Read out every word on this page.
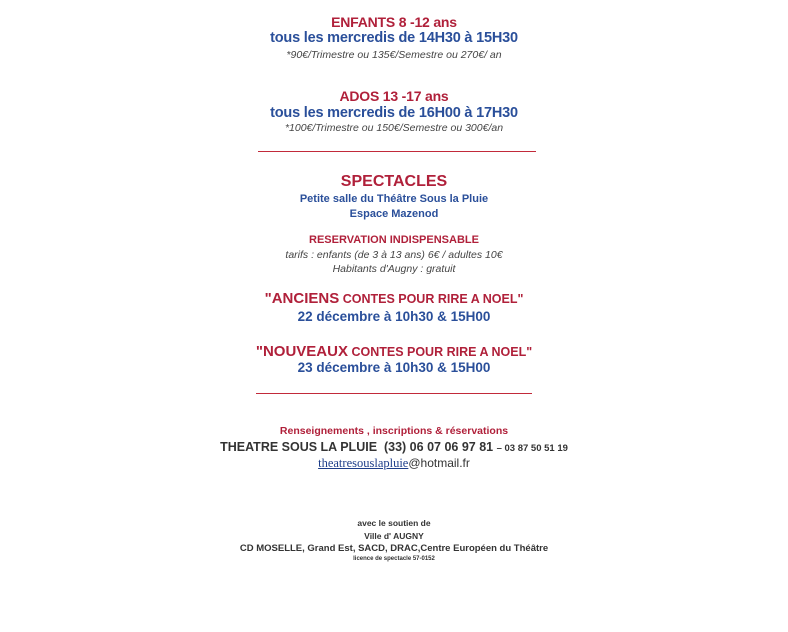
ENFANTS 8 -12 ans
tous les mercredis de 14H30 à 15H30
*90€/Trimestre ou 135€/Semestre ou 270€/ an
ADOS 13 -17 ans
tous les mercredis de 16H00 à 17H30
*100€/Trimestre ou 150€/Semestre ou 300€/an
SPECTACLES
Petite salle du Théâtre Sous la Pluie
Espace Mazenod
RESERVATION INDISPENSABLE
tarifs : enfants (de 3 à 13 ans) 6€ / adultes 10€
Habitants d'Augny : gratuit
"ANCIENS CONTES POUR RIRE A NOEL"
22 décembre à 10h30 & 15H00
"NOUVEAUX CONTES POUR RIRE A NOEL"
23 décembre à 10h30 & 15H00
Renseignements , inscriptions & réservations
THEATRE SOUS LA PLUIE (33) 06 07 06 97 81 – 03 87 50 51 19
theatresouslapluie@hotmail.fr
avec le soutien de
Ville d' AUGNY
CD MOSELLE, Grand Est, SACD, DRAC,Centre Européen du Théâtre
licence de spectacle 57-0152
